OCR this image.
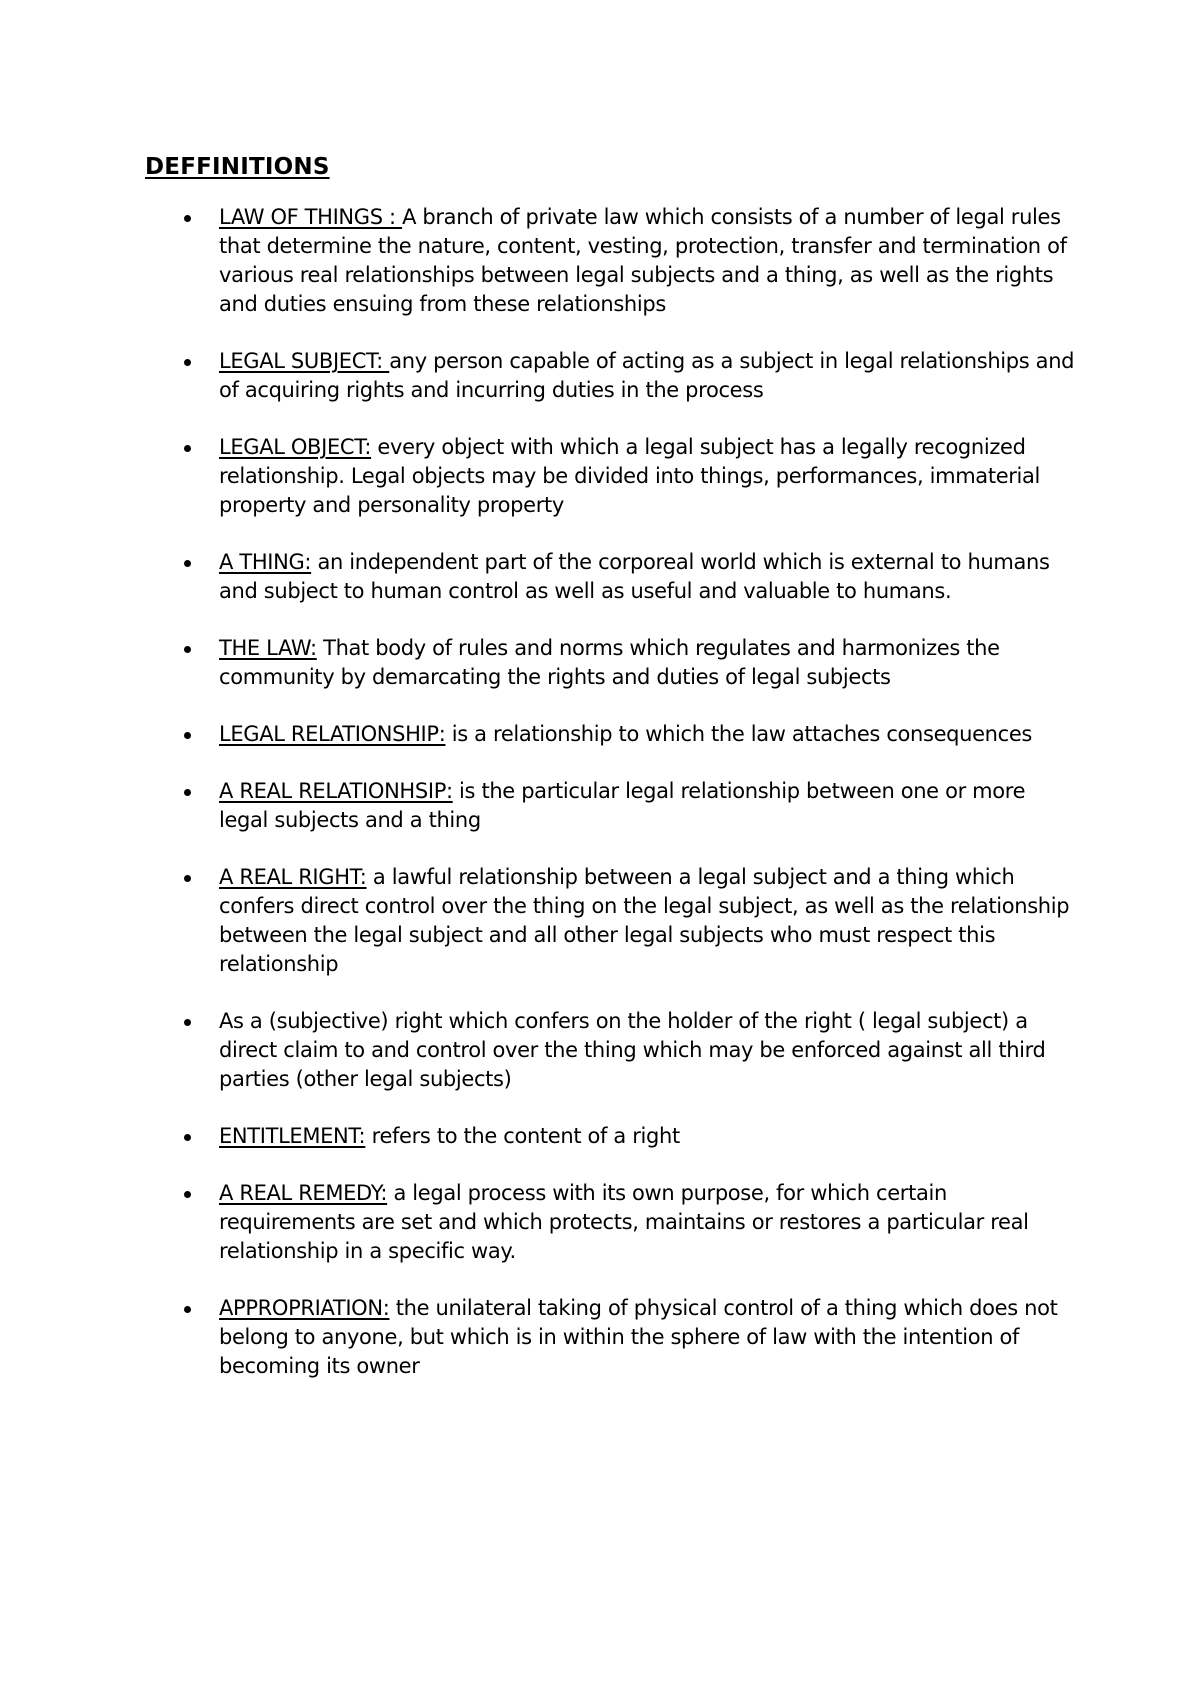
DEFFINITIONS
LAW OF THINGS : A branch of private law which consists of a number of legal rules that determine the nature, content, vesting, protection, transfer and termination of various real relationships between legal subjects and a thing, as well as the rights and duties ensuing from these relationships
LEGAL SUBJECT: any person capable of acting as a subject in legal relationships and of acquiring rights and incurring duties in the process
LEGAL OBJECT: every object with which a legal subject has a legally recognized relationship. Legal objects may be divided into things, performances, immaterial property and personality property
A THING: an independent part of the corporeal world which is external to humans and subject to human control as well as useful and valuable to humans.
THE LAW: That body of rules and norms which regulates and harmonizes the community by demarcating the rights and duties of legal subjects
LEGAL RELATIONSHIP: is a relationship to which the law attaches consequences
A REAL RELATIONHSIP: is the particular legal relationship between one or more legal subjects and a thing
A REAL RIGHT: a lawful relationship between a legal subject and a thing which confers direct control over the thing on the legal subject, as well as the relationship between the legal subject and all other legal subjects who must respect this relationship
As a (subjective) right which confers on the holder of the right ( legal subject) a direct claim to and control over the thing which may be enforced against all third parties (other legal subjects)
ENTITLEMENT: refers to the content of a right
A REAL REMEDY: a legal process with its own purpose, for which certain requirements are set and which protects, maintains or restores a particular real relationship in a specific way.
APPROPRIATION: the unilateral taking of physical control of a thing which does not belong to anyone, but which is in within the sphere of law with the intention of becoming its owner
